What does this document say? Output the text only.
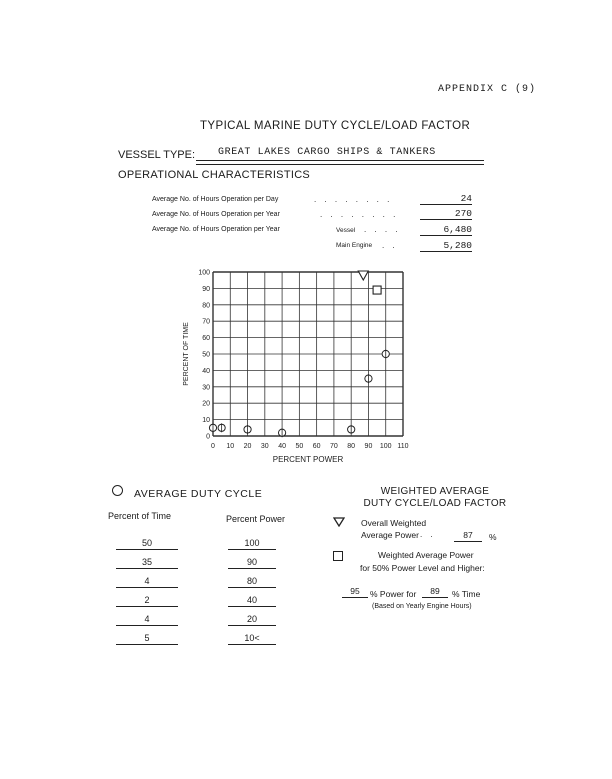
APPENDIX C (9)
TYPICAL MARINE DUTY CYCLE/LOAD FACTOR
VESSEL TYPE:	GREAT LAKES CARGO SHIPS & TANKERS
OPERATIONAL CHARACTERISTICS
Average No. of Hours Operation per Day	. . . . . . . .	24
Average No. of Hours Operation per Year	. . . . . . . .	270
Average No. of Hours Operation per Year	Vessel . . . .	6,480
Main Engine . .	5,280
0 10 20 30 40 50 60 70 80 90 100 110
0
10
20
30
40
50
60
70
80
90
100
PERCENT POWER
PERCENT OF TIME
AVERAGE DUTY CYCLE
Percent of Time	Percent Power
50	100
35	90
4	80
2	40
4	20
5	10<
WEIGHTED AVERAGE
DUTY CYCLE/LOAD FACTOR
Overall Weighted
Average Power . .	87	%
Weighted Average Power
for 50% Power Level and Higher:
95	% Power for	89	% Time
(Based on Yearly Engine Hours)
